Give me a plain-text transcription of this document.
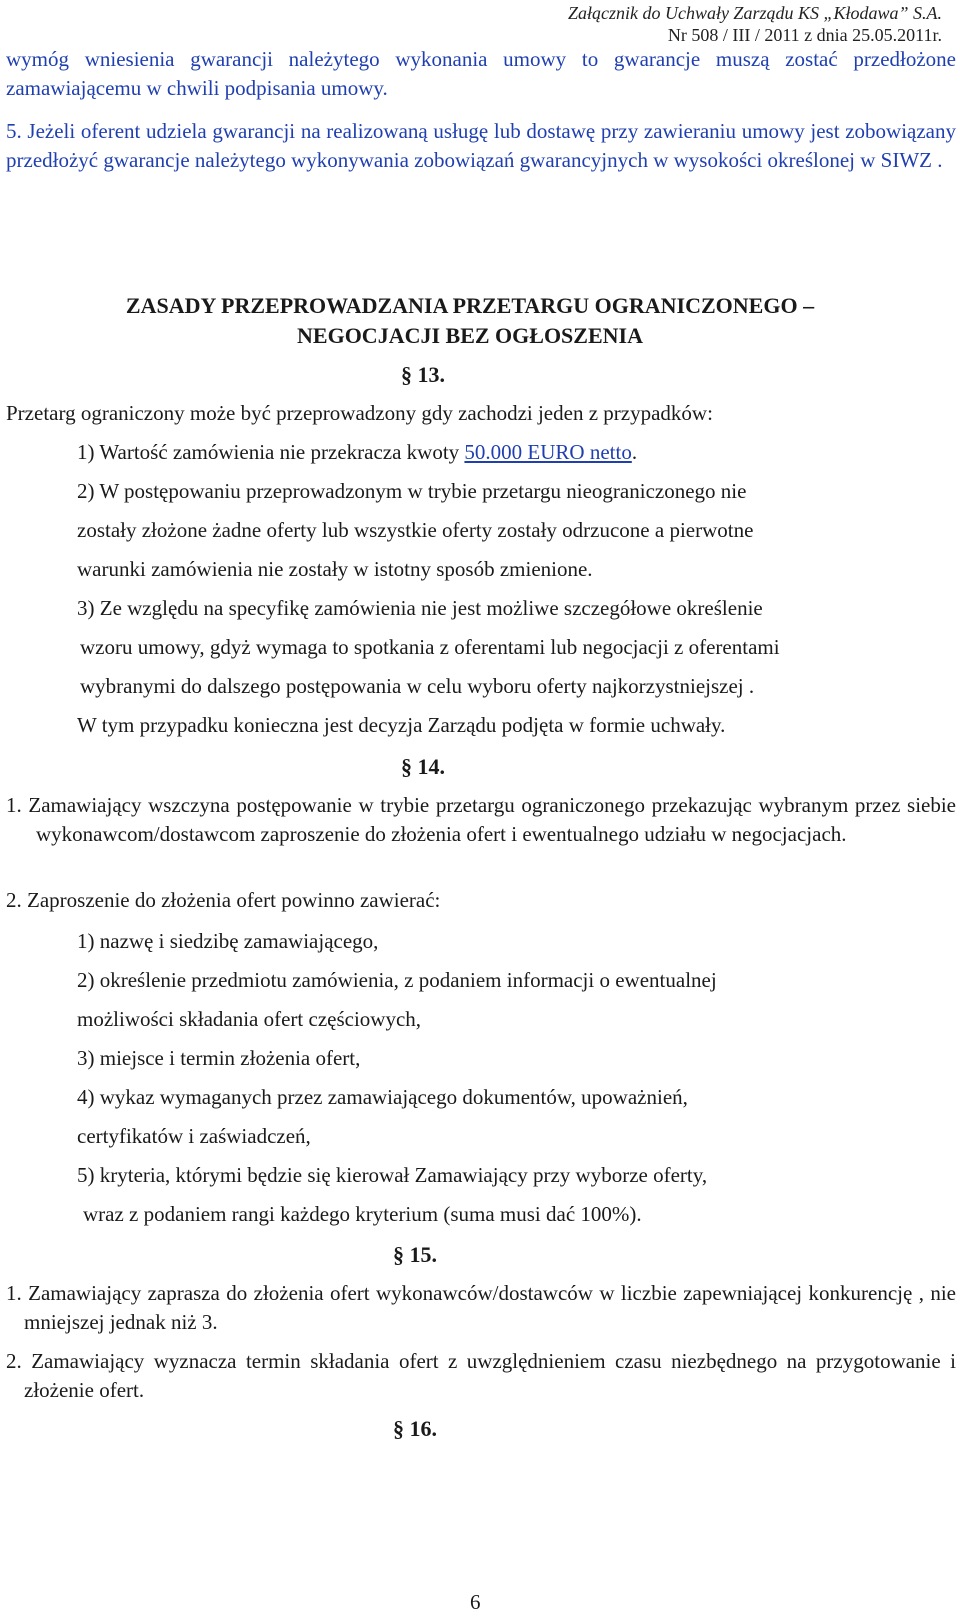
Załącznik do Uchwały Zarządu KS „Kłodawa” S.A.
Nr 508 / III / 2011 z dnia 25.05.2011r.
wymóg wniesienia gwarancji należytego wykonania umowy to gwarancje muszą zostać przedłożone zamawiającemu w chwili podpisania umowy.
5. Jeżeli oferent udziela gwarancji na realizowaną usługę lub dostawę przy zawieraniu umowy jest zobowiązany przedłożyć gwarancje należytego wykonywania zobowiązań gwarancyjnych w wysokości określonej w SIWZ .
ZASADY PRZEPROWADZANIA PRZETARGU OGRANICZONEGO –
NEGOCJACJI BEZ OGŁOSZENIA
§ 13.
Przetarg ograniczony może być przeprowadzony gdy zachodzi jeden z przypadków:
1) Wartość zamówienia nie przekracza kwoty 50.000 EURO netto.
2) W postępowaniu przeprowadzonym w trybie przetargu nieograniczonego nie
zostały złożone żadne oferty lub wszystkie oferty zostały odrzucone a pierwotne
warunki zamówienia nie zostały w istotny sposób zmienione.
3) Ze względu na specyfikę zamówienia nie jest możliwe szczegółowe określenie
wzoru umowy, gdyż wymaga to spotkania z oferentami lub negocjacji z oferentami
wybranymi do dalszego postępowania w celu wyboru oferty najkorzystniejszej .
W tym przypadku konieczna jest decyzja Zarządu podjęta w formie uchwały.
§ 14.
1. Zamawiający wszczyna postępowanie w trybie przetargu ograniczonego przekazując wybranym przez siebie wykonawcom/dostawcom zaproszenie do złożenia ofert i ewentualnego udziału w negocjacjach.
2. Zaproszenie do złożenia ofert powinno zawierać:
1) nazwę i siedzibę zamawiającego,
2) określenie przedmiotu zamówienia, z podaniem informacji o ewentualnej
możliwości składania ofert częściowych,
3) miejsce i termin złożenia ofert,
4) wykaz wymaganych przez zamawiającego dokumentów, upoważnień,
certyfikatów i zaświadczeń,
5) kryteria, którymi będzie się kierował Zamawiający przy wyborze oferty,
wraz z podaniem rangi każdego kryterium (suma musi dać 100%).
§ 15.
1. Zamawiający zaprasza do złożenia ofert wykonawców/dostawców w liczbie zapewniającej konkurencję , nie mniejszej jednak niż 3.
2. Zamawiający wyznacza termin składania ofert z uwzględnieniem czasu niezbędnego na przygotowanie i złożenie ofert.
§ 16.
6
